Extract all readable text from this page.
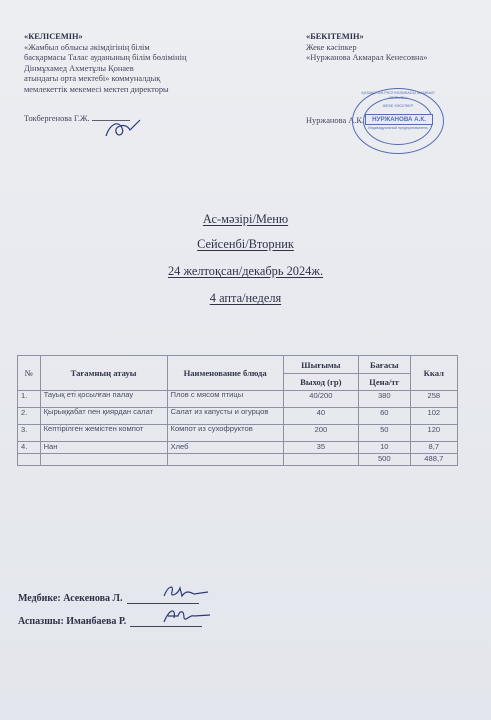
«КЕЛІСЕМІН»
«Жамбыл облысы әкімдігінің білім
басқармасы Талас ауданының білім бөлімінің
Дінмұхамед Ахметұлы Қонаев
атындағы орта мектебі» коммуналдық
мемлекеттік мекемесі мектеп директоры
Токбергенова Г.Ж.
«БЕКІТЕМІН»
Жеке кәсіпкер
«Нуржанова Акмарал Кенесовна»
Нуржанова А.К.
ҚАЗАҚСТАН РЕСПУБЛИКАСЫ ЖАМБЫЛ ОБЛЫСЫ
ЖЕКЕ КӘСІПКЕР
НУРЖАНОВА А.К.
Индивидуальный предприниматель
Ас-мәзірі/Меню
Сейсенбі/Вторник
24 желтоқсан/декабрь 2024ж.
4 апта/неделя
№	Тағамның атауы	Наименование блюда	Шығымы	Бағасы	Ккал
			Выход (гр)	Цена/тг	
1.	Тауық еті қосылған палау	Плов с мясом птицы	40/200	380	258
2.	Қырыққабат пен қиярдан салат	Салат из капусты и огурцов	40	60	102
3.	Кептірілген жемістен компот	Компот из сухофруктов	200	50	120
4.	Нан	Хлеб	35	10	8,7
				500	488,7
Медбике: Асекенова Л.
Аспазшы: Иманбаева Р.
